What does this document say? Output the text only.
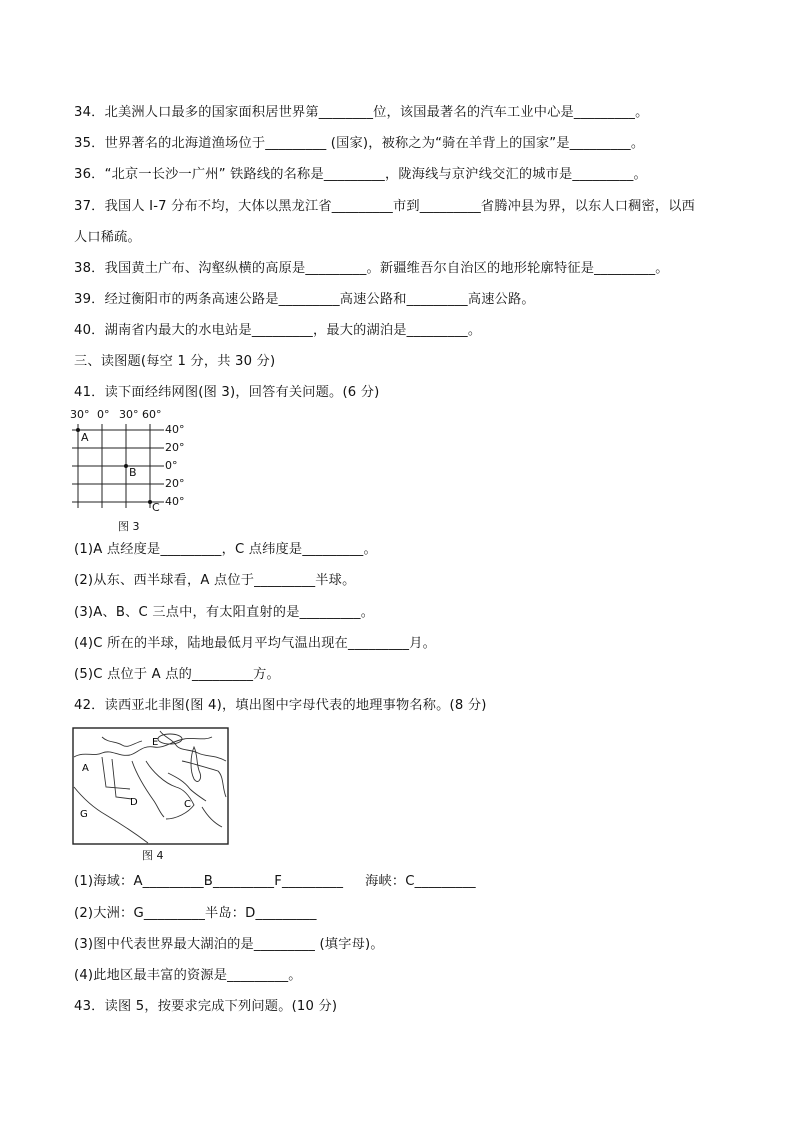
34．北美洲人口最多的国家面积居世界第________位，该国最著名的汽车工业中心是_________。
35．世界著名的北海道渔场位于_________ (国家)，被称之为“骑在羊背上的国家”是_________。
36．“北京一长沙一广州” 铁路线的名称是_________，陇海线与京沪线交汇的城市是_________。
37．我国人 I-7 分布不均，大体以黑龙江省_________市到_________省腾冲县为界，以东人口稠密，以西
人口稀疏。
38．我国黄土广布、沟壑纵横的高原是_________。新疆维吾尔自治区的地形轮廓特征是_________。
39．经过衡阳市的两条高速公路是_________高速公路和_________高速公路。
40．湖南省内最大的水电站是_________，最大的湖泊是_________。
三、读图题(每空 1 分，共 30 分)
41．读下面经纬网图(图 3)，回答有关问题。(6 分)
30° 0° 30° 60°
40°
20°
0°
20°
40°
A
B
C
图 3
(1)A 点经度是_________，C 点纬度是_________。
(2)从东、西半球看，A 点位于_________半球。
(3)A、B、C 三点中，有太阳直射的是_________。
(4)C 所在的半球，陆地最低月平均气温出现在_________月。
(5)C 点位于 A 点的_________方。
42．读西亚北非图(图 4)，填出图中字母代表的地理事物名称。(8 分)
A
E
G
D	C
图 4
(1)海域：A_________B_________F_________     海峡：C_________
(2)大洲：G_________半岛：D_________
(3)图中代表世界最大湖泊的是_________ (填字母)。
(4)此地区最丰富的资源是_________。
43．读图 5，按要求完成下列问题。(10 分)
